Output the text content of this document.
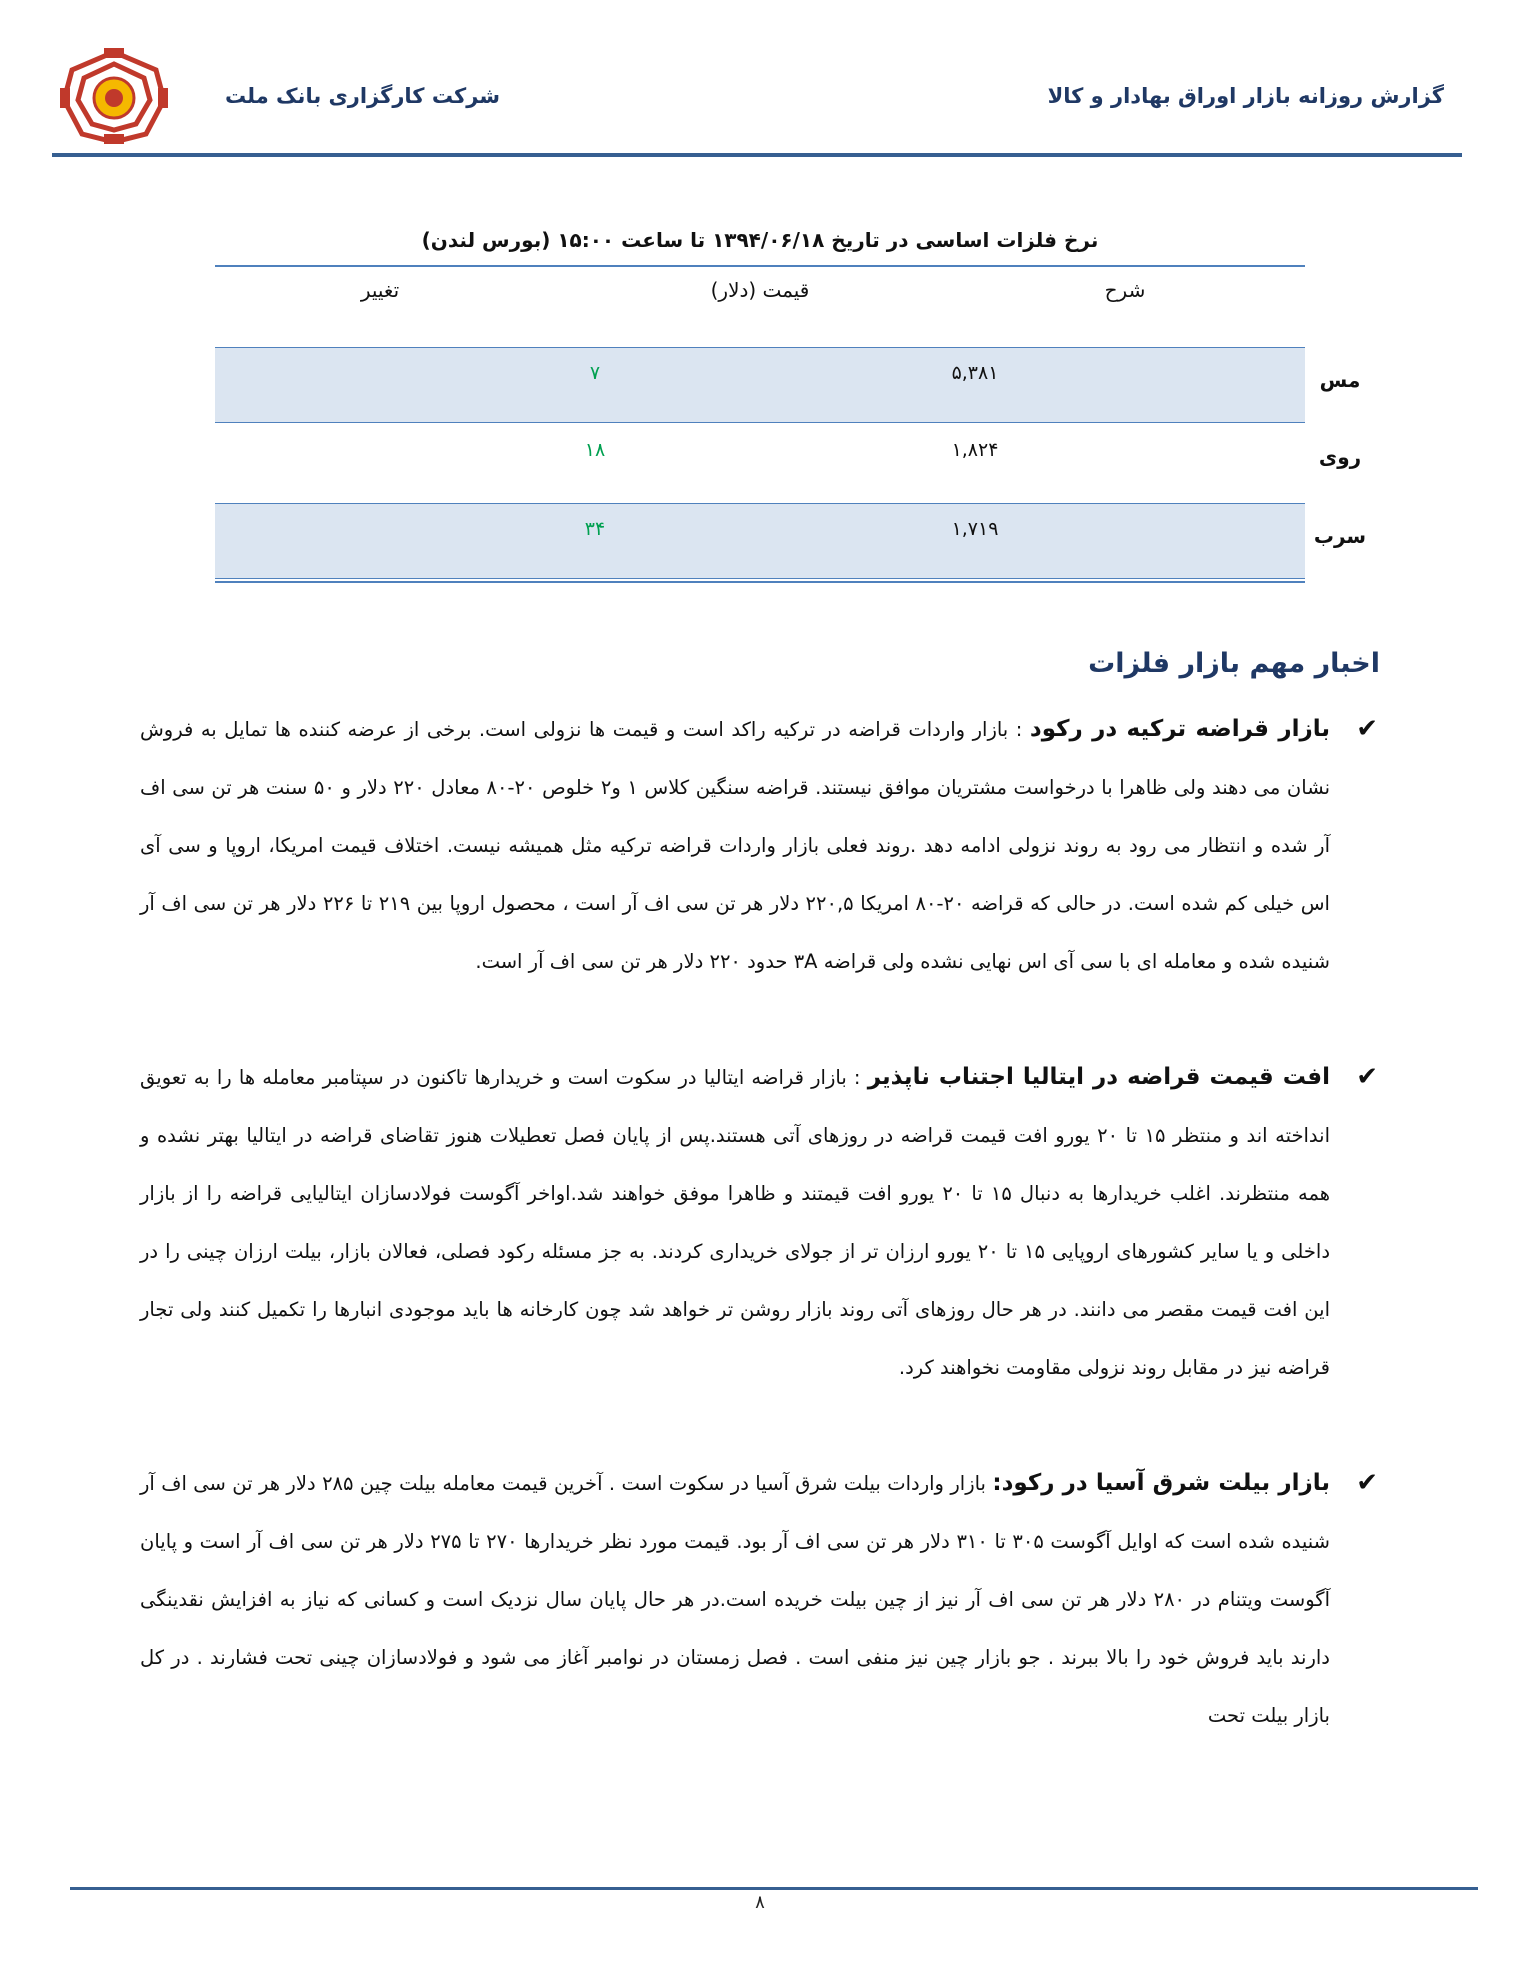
شرکت کارگزاری بانک ملت	گزارش روزانه بازار اوراق بهادار و کالا
نرخ فلزات اساسی در تاریخ ۱۳۹۴/۰۶/۱۸ تا ساعت ۱۵:۰۰ (بورس لندن)
شرح
قیمت (دلار)
تغییر
مس
۵,۳۸۱
۷
روی
۱,۸۲۴
۱۸
سرب
۱,۷۱۹
۳۴
اخبار مهم بازار فلزات
✔
بازار قراضه ترکیه در رکود : بازار واردات قراضه در ترکیه راکد است و قیمت ها نزولی است. برخی از عرضه کننده ها تمایل به فروش نشان می دهند ولی ظاهرا با درخواست مشتریان موافق نیستند. قراضه سنگین کلاس ۱ و۲ خلوص ۲۰-۸۰ معادل ۲۲۰ دلار و ۵۰ سنت هر تن سی اف آر شده و انتظار می رود به روند نزولی ادامه دهد .روند فعلی بازار واردات قراضه ترکیه مثل همیشه نیست. اختلاف قیمت امریکا، اروپا و سی آی اس خیلی کم شده است. در حالی که قراضه ۲۰-۸۰ امریکا ۲۲۰,۵ دلار هر تن سی اف آر است ، محصول اروپا بین ۲۱۹ تا ۲۲۶ دلار هر تن سی اف آر شنیده شده و معامله ای با سی آی اس نهایی نشده ولی قراضه ۳A حدود ۲۲۰ دلار هر تن سی اف آر است.
✔
افت قیمت قراضه در ایتالیا اجتناب ناپذیر : بازار قراضه ایتالیا در سکوت است و خریدارها تاکنون در سپتامبر معامله ها را به تعویق انداخته اند و منتظر ۱۵ تا ۲۰ یورو افت قیمت قراضه در روزهای آتی هستند.پس از پایان فصل تعطیلات هنوز تقاضای قراضه در ایتالیا بهتر نشده و همه منتظرند. اغلب خریدارها به دنبال ۱۵ تا ۲۰ یورو افت قیمتند و ظاهرا موفق خواهند شد.اواخر آگوست فولادسازان ایتالیایی قراضه را از بازار داخلی و یا سایر کشورهای اروپایی ۱۵ تا ۲۰ یورو ارزان تر از جولای خریداری کردند. به جز مسئله رکود فصلی، فعالان بازار، بیلت ارزان چینی را در این افت قیمت مقصر می دانند. در هر حال روزهای آتی روند بازار روشن تر خواهد شد چون کارخانه ها باید موجودی انبارها را تکمیل کنند ولی تجار قراضه نیز در مقابل روند نزولی مقاومت نخواهند کرد.
✔
بازار بیلت شرق آسیا در رکود: بازار واردات بیلت شرق آسیا در سکوت است . آخرین قیمت معامله بیلت چین ۲۸۵ دلار هر تن سی اف آر شنیده شده است که اوایل آگوست ۳۰۵ تا ۳۱۰ دلار هر تن سی اف آر بود. قیمت مورد نظر خریدارها ۲۷۰ تا ۲۷۵ دلار هر تن سی اف آر است و پایان آگوست ویتنام در ۲۸۰ دلار هر تن سی اف آر نیز از چین بیلت خریده است.در هر حال پایان سال نزدیک است و کسانی که نیاز به افزایش نقدینگی دارند باید فروش خود را بالا ببرند . جو بازار چین نیز منفی است . فصل زمستان در نوامبر آغاز می شود و فولادسازان چینی تحت فشارند . در کل بازار بیلت تحت
۸
